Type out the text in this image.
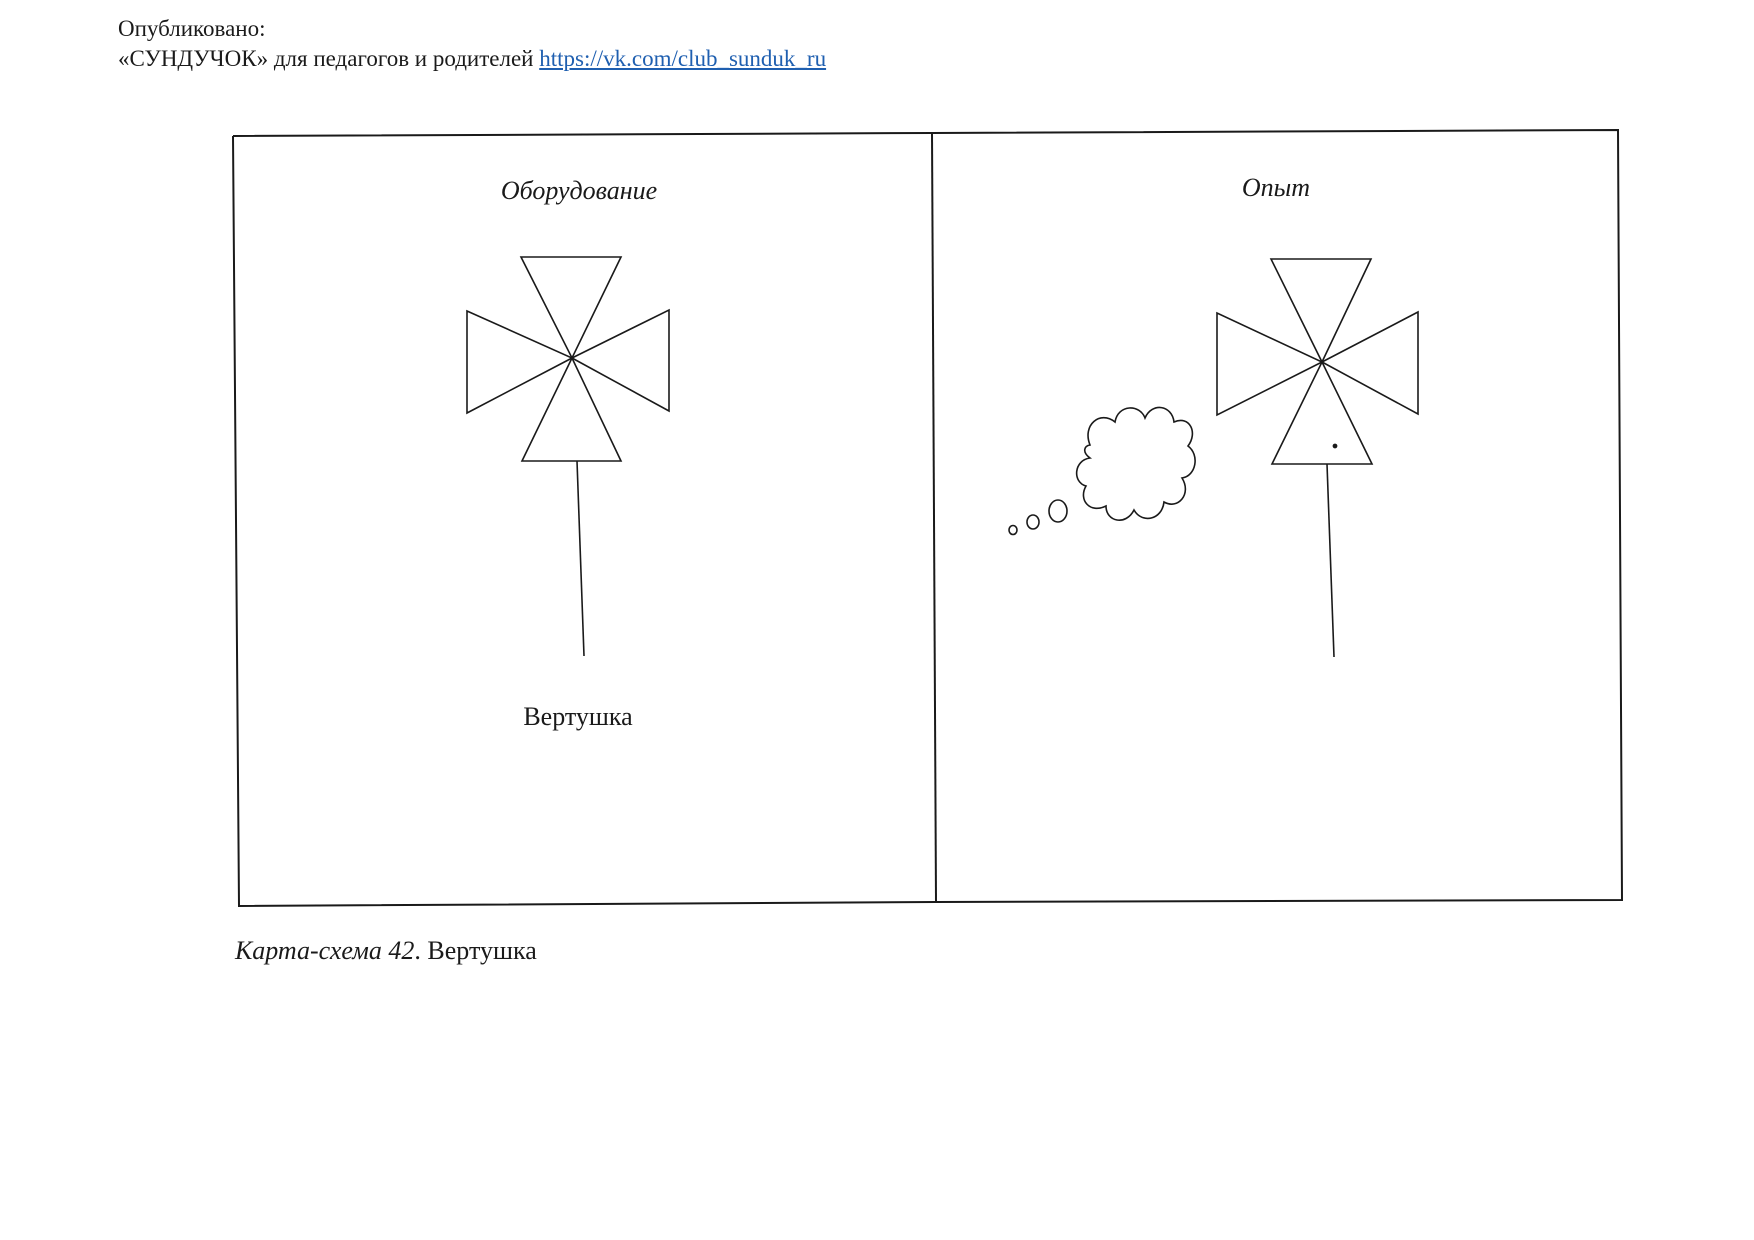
Опубликовано:
«СУНДУЧОК» для педагогов и родителей https://vk.com/club_sunduk_ru
Оборудование
Вертушка
Опыт
Карта-схема 42. Вертушка
